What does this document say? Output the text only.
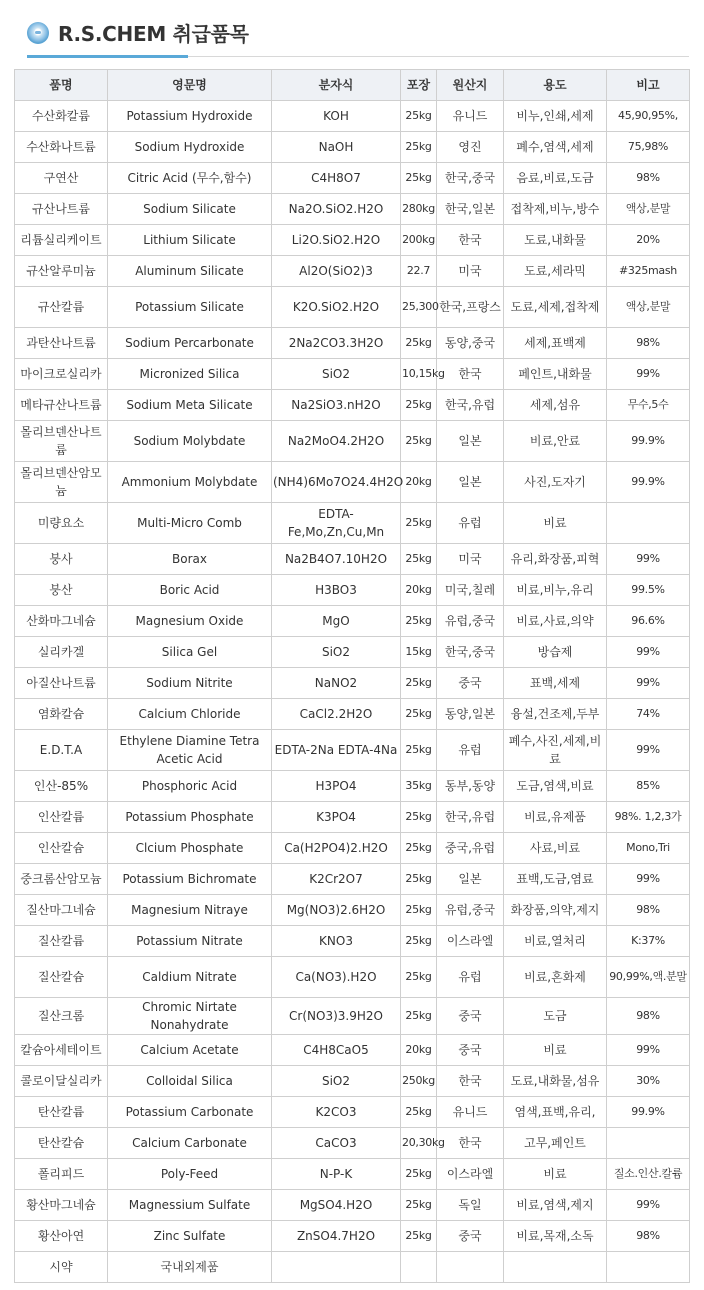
R.S.CHEM 취급품목
품명	영문명	분자식	포장	원산지	용도	비고
수산화칼륨	Potassium Hydroxide	KOH	25kg	유니드	비누,인쇄,세제	45,90,95%,
수산화나트륨	Sodium Hydroxide	NaOH	25kg	영진	폐수,염색,세제	75,98%
구연산	Citric Acid (무수,함수)	C4H8O7	25kg	한국,중국	음료,비료,도금	98%
규산나트륨	Sodium Silicate	Na2O.SiO2.H2O	280kg	한국,일본	접착제,비누,방수	액상,분말
리튬실리케이트	Lithium Silicate	Li2O.SiO2.H2O	200kg	한국	도료,내화물	20%
규산알루미늄	Aluminum Silicate	Al2O(SiO2)3	22.7	미국	도료,세라믹	#325mash
규산칼륨	Potassium Silicate	K2O.SiO2.H2O	25,300	한국,프랑스	도료,세제,접착제	액상,분말
과탄산나트륨	Sodium Percarbonate	2Na2CO3.3H2O	25kg	동양,중국	세제,표백제	98%
마이크로실리카	Micronized Silica	SiO2	10,15kg	한국	페인트,내화물	99%
메타규산나트륨	Sodium Meta Silicate	Na2SiO3.nH2O	25kg	한국,유럽	세제,섬유	무수,5수
몰리브덴산나트륨	Sodium Molybdate	Na2MoO4.2H2O	25kg	일본	비료,안료	99.9%
몰리브덴산암모늄	Ammonium Molybdate	(NH4)6Mo7O24.4H2O	20kg	일본	사진,도자기	99.9%
미량요소	Multi-Micro Comb	EDTA-Fe,Mo,Zn,Cu,Mn	25kg	유럽	비료	
붕사	Borax	Na2B4O7.10H2O	25kg	미국	유리,화장품,피혁	99%
붕산	Boric Acid	H3BO3	20kg	미국,칠레	비료,비누,유리	99.5%
산화마그네슘	Magnesium Oxide	MgO	25kg	유럽,중국	비료,사료,의약	96.6%
실리카겔	Silica Gel	SiO2	15kg	한국,중국	방습제	99%
아질산나트륨	Sodium Nitrite	NaNO2	25kg	중국	표백,세제	99%
염화칼슘	Calcium Chloride	CaCl2.2H2O	25kg	동양,일본	융설,건조제,두부	74%
E.D.T.A	Ethylene Diamine Tetra Acetic Acid	EDTA-2Na EDTA-4Na	25kg	유럽	폐수,사진,세제,비료	99%
인산-85%	Phosphoric Acid	H3PO4	35kg	동부,동양	도금,염색,비료	85%
인산칼륨	Potassium Phosphate	K3PO4	25kg	한국,유럽	비료,유제품	98%. 1,2,3가
인산칼슘	Clcium Phosphate	Ca(H2PO4)2.H2O	25kg	중국,유럽	사료,비료	Mono,Tri
중크롬산암모늄	Potassium Bichromate	K2Cr2O7	25kg	일본	표백,도금,염료	99%
질산마그네슘	Magnesium Nitraye	Mg(NO3)2.6H2O	25kg	유럽,중국	화장품,의약,제지	98%
질산칼륨	Potassium Nitrate	KNO3	25kg	이스라엘	비료,열처리	K:37%
질산칼슘	Caldium Nitrate	Ca(NO3).H2O	25kg	유럽	비료,혼화제	90,99%,액.분말
질산크롬	Chromic Nirtate Nonahydrate	Cr(NO3)3.9H2O	25kg	중국	도금	98%
칼슘아세테이트	Calcium Acetate	C4H8CaO5	20kg	중국	비료	99%
콜로이달실리카	Colloidal Silica	SiO2	250kg	한국	도료,내화물,섬유	30%
탄산칼륨	Potassium Carbonate	K2CO3	25kg	유니드	염색,표백,유리,	99.9%
탄산칼슘	Calcium Carbonate	CaCO3	20,30kg	한국	고무,페인트	
폴리피드	Poly-Feed	N-P-K	25kg	이스라엘	비료	질소.인산.칼륨
황산마그네슘	Magnessium Sulfate	MgSO4.H2O	25kg	독일	비료,염색,제지	99%
황산아연	Zinc Sulfate	ZnSO4.7H2O	25kg	중국	비료,목재,소독	98%
시약	국내외제품					
